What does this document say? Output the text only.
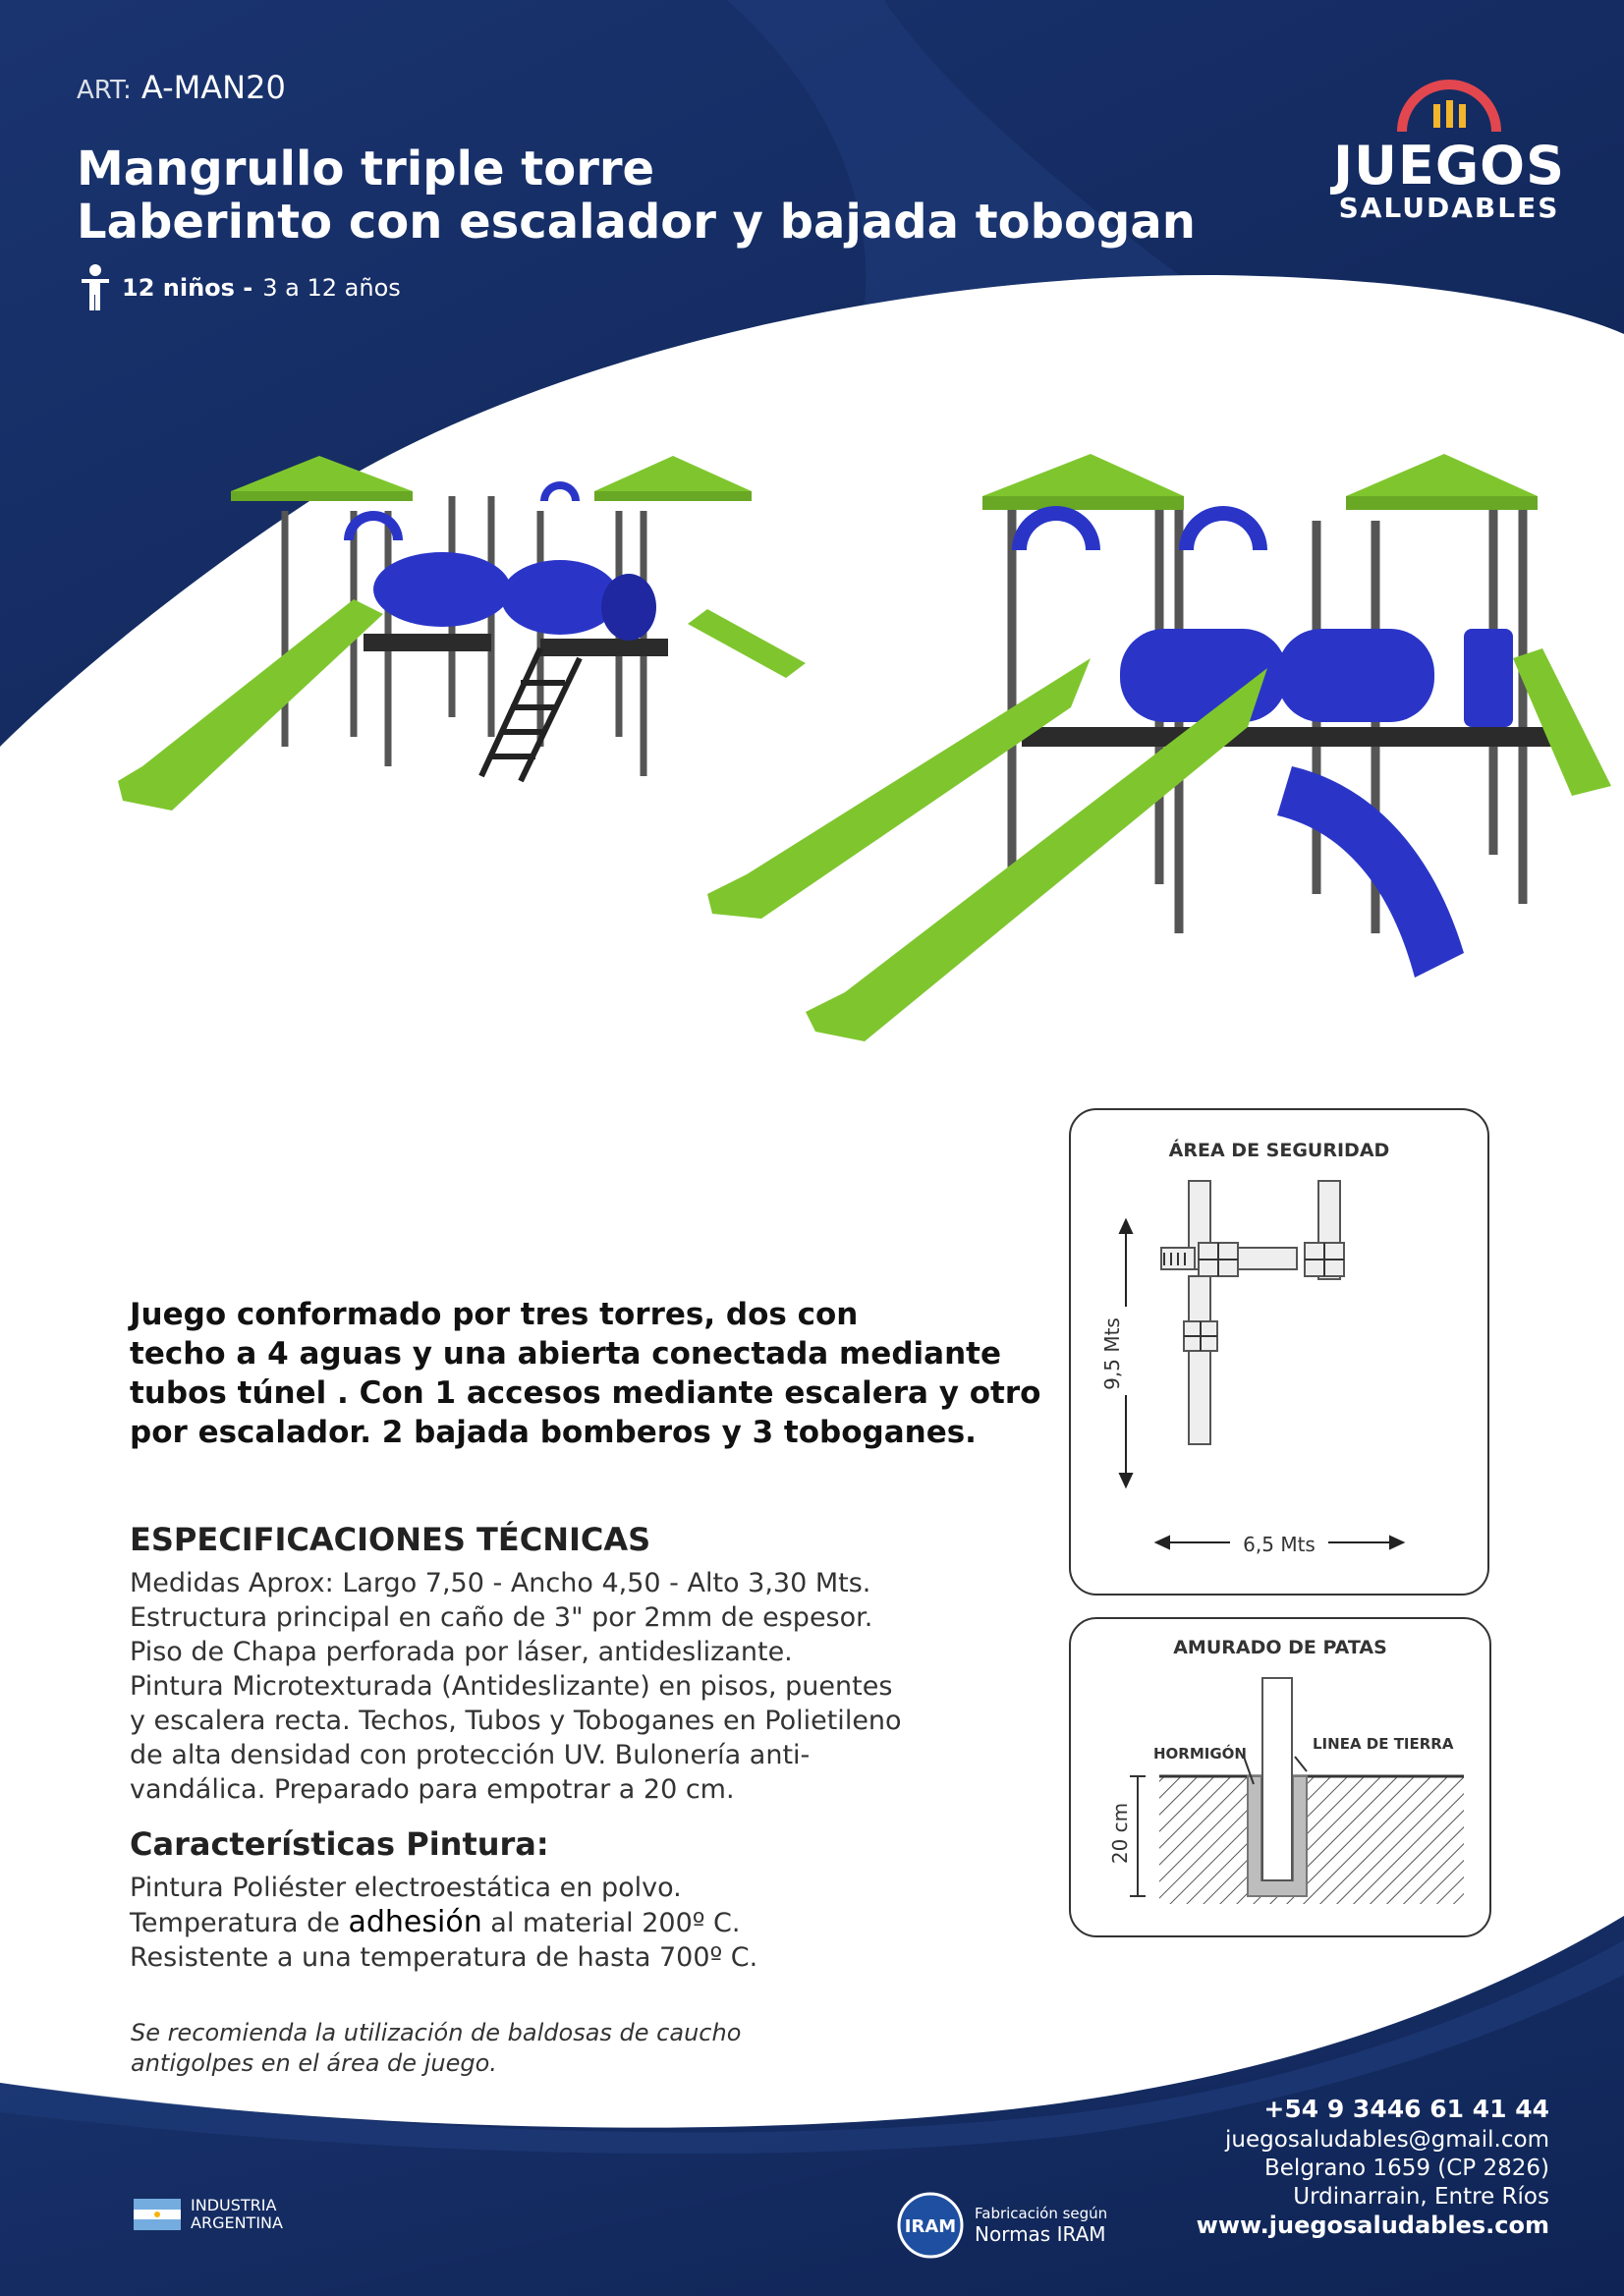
ART: A-MAN20
Mangrullo triple torre
Laberinto con escalador y bajada tobogan
12 niños - 3 a 12 años
JUEGOS
SALUDABLES
Juego conformado por tres torres, dos con
techo a 4 aguas y una abierta conectada mediante
tubos túnel . Con 1 accesos mediante escalera y otro
por escalador. 2 bajada bomberos y 3 toboganes.
ESPECIFICACIONES TÉCNICAS
Medidas Aprox: Largo 7,50 - Ancho 4,50 - Alto 3,30 Mts.
Estructura principal en caño de 3" por 2mm de espesor.
Piso de Chapa perforada por láser, antideslizante.
Pintura Microtexturada (Antideslizante) en pisos, puentes
y escalera recta. Techos, Tubos y Toboganes en Polietileno
de alta densidad con protección UV. Bulonería anti-
vandálica. Preparado para empotrar a 20 cm.
Características Pintura:
Pintura Poliéster electroestática en polvo.
Temperatura de adhesión al material 200º C.
Resistente a una temperatura de hasta 700º C.
Se recomienda la utilización de baldosas de caucho
antigolpes en el área de juego.
ÁREA DE SEGURIDAD
9,5 Mts
6,5 Mts
AMURADO DE PATAS
HORMIGÓN
LINEA DE TIERRA
20 cm
+54 9 3446 61 41 44
juegosaludables@gmail.com
Belgrano 1659 (CP 2826)
Urdinarrain, Entre Ríos
www.juegosaludables.com
INDUSTRIA
ARGENTINA	IRAM
Fabricación según
Normas IRAM
